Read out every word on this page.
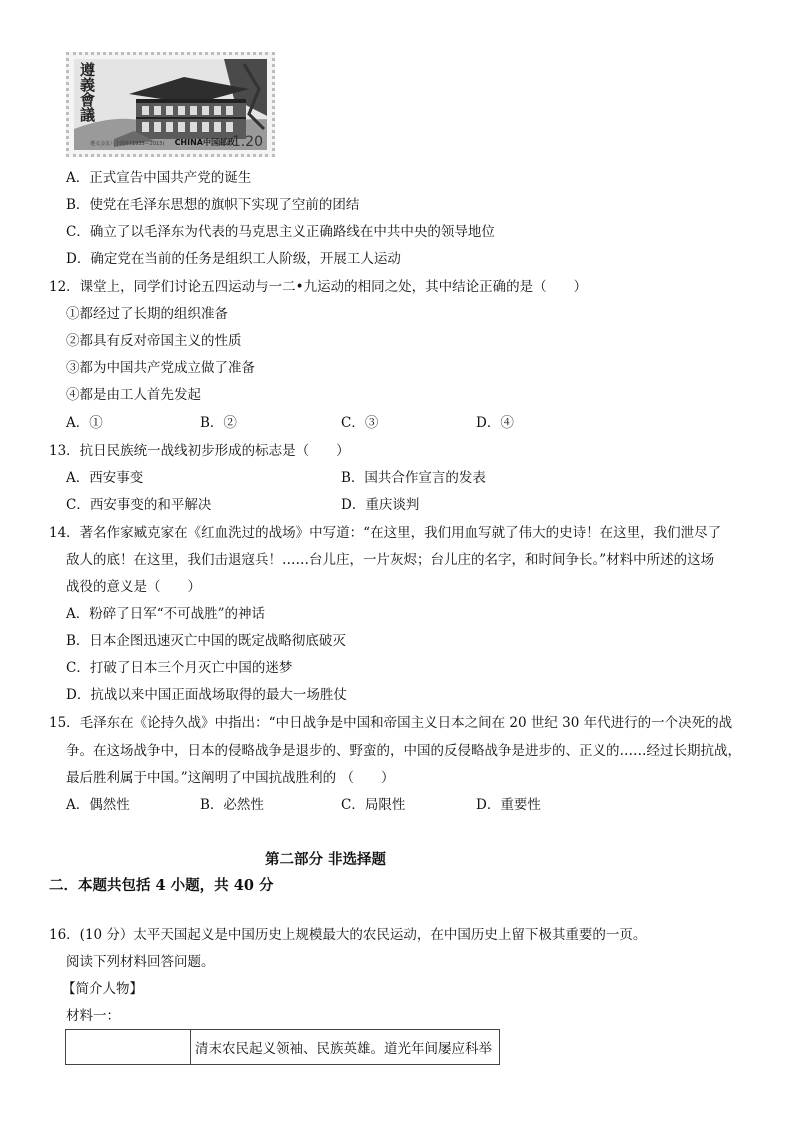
遵義會議
遵义会议八十周年(1935—2015) CHINA中国邮政
1.20
A．正式宣告中国共产党的诞生
B．使党在毛泽东思想的旗帜下实现了空前的团结
C．确立了以毛泽东为代表的马克思主义正确路线在中共中央的领导地位
D．确定党在当前的任务是组织工人阶级，开展工人运动
12．课堂上，同学们讨论五四运动与一二•九运动的相同之处，其中结论正确的是（　　）
①都经过了长期的组织准备
②都具有反对帝国主义的性质
③都为中国共产党成立做了准备
④都是由工人首先发起
A．①	B．②	C．③	D．④
13．抗日民族统一战线初步形成的标志是（　　）
A．西安事变	B．国共合作宣言的发表
C．西安事变的和平解决	D．重庆谈判
14．著名作家臧克家在《红血洗过的战场》中写道：“在这里，我们用血写就了伟大的史诗！在这里，我们泄尽了
敌人的底！在这里，我们击退寇兵！……台儿庄，一片灰烬；台儿庄的名字，和时间争长。”材料中所述的这场
战役的意义是（　　）
A．粉碎了日军“不可战胜”的神话
B．日本企图迅速灭亡中国的既定战略彻底破灭
C．打破了日本三个月灭亡中国的迷梦
D．抗战以来中国正面战场取得的最大一场胜仗
15．毛泽东在《论持久战》中指出：“中日战争是中国和帝国主义日本之间在 20 世纪 30 年代进行的一个决死的战
争。在这场战争中，日本的侵略战争是退步的、野蛮的，中国的反侵略战争是进步的、正义的……经过长期抗战，
最后胜利属于中国。”这阐明了中国抗战胜利的 （　　）
A．偶然性	B．必然性	C．局限性	D．重要性
第二部分 非选择题
二．本题共包括 4 小题，共 40 分
16．(10 分）太平天国起义是中国历史上规模最大的农民运动，在中国历史上留下极其重要的一页。
阅读下列材料回答问题。
【简介人物】
材料一：
	清末农民起义领袖、民族英雄。道光年间屡应科举
